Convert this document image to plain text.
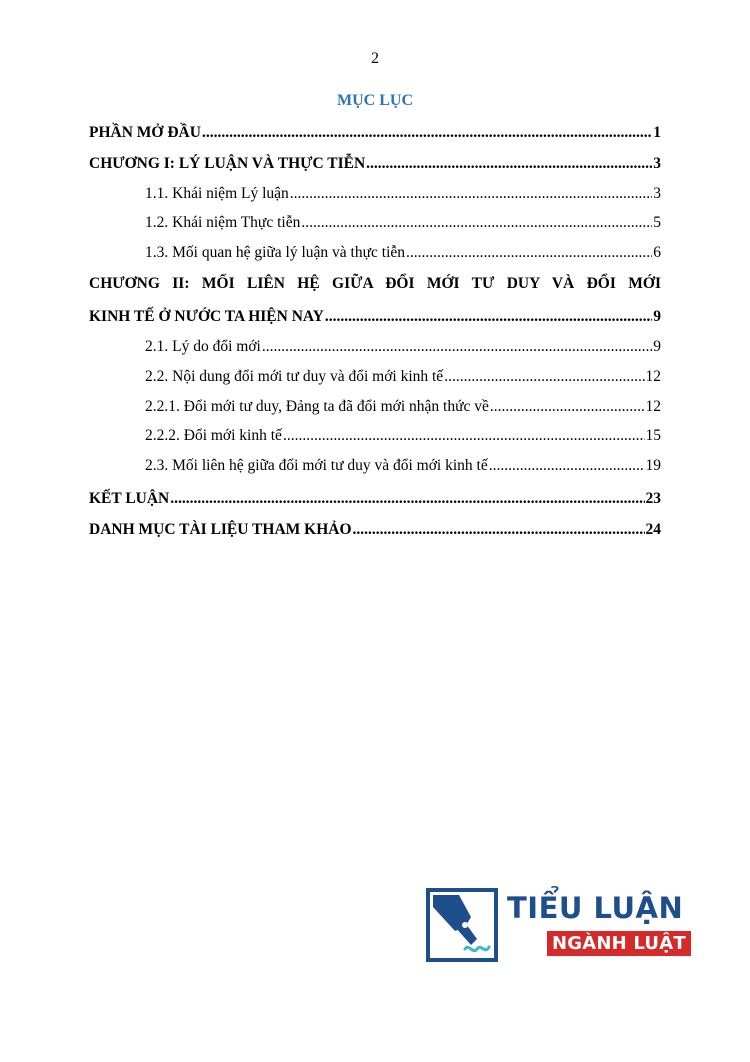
2
MỤC LỤC
PHẦN MỞ ĐẦU .....	1
CHƯƠNG I: LÝ LUẬN VÀ THỰC TIỄN .....	3
1.1. Khái niệm Lý luận .....	3
1.2. Khái niệm Thực tiễn .....	5
1.3. Mối quan hệ giữa lý luận và thực tiễn .....	6
CHƯƠNG II: MỐI LIÊN HỆ GIỮA ĐỔI MỚI TƯ DUY VÀ ĐỔI MỚI
KINH TẾ Ở NƯỚC TA HIỆN NAY .....	9
2.1. Lý do đổi mới .....	9
2.2. Nội dung đổi mới tư duy và đổi mới kinh tế .....	12
2.2.1. Đổi mới tư duy, Đảng ta đã đổi mới nhận thức về .....	12
2.2.2. Đổi mới kinh tế .....	15
2.3. Mối liên hệ giữa đổi mới tư duy và đổi mới kinh tế .....	19
KẾT LUẬN .....	23
DANH MỤC TÀI LIỆU THAM KHẢO .....	24
TIỂU LUẬN
NGÀNH LUẬT
